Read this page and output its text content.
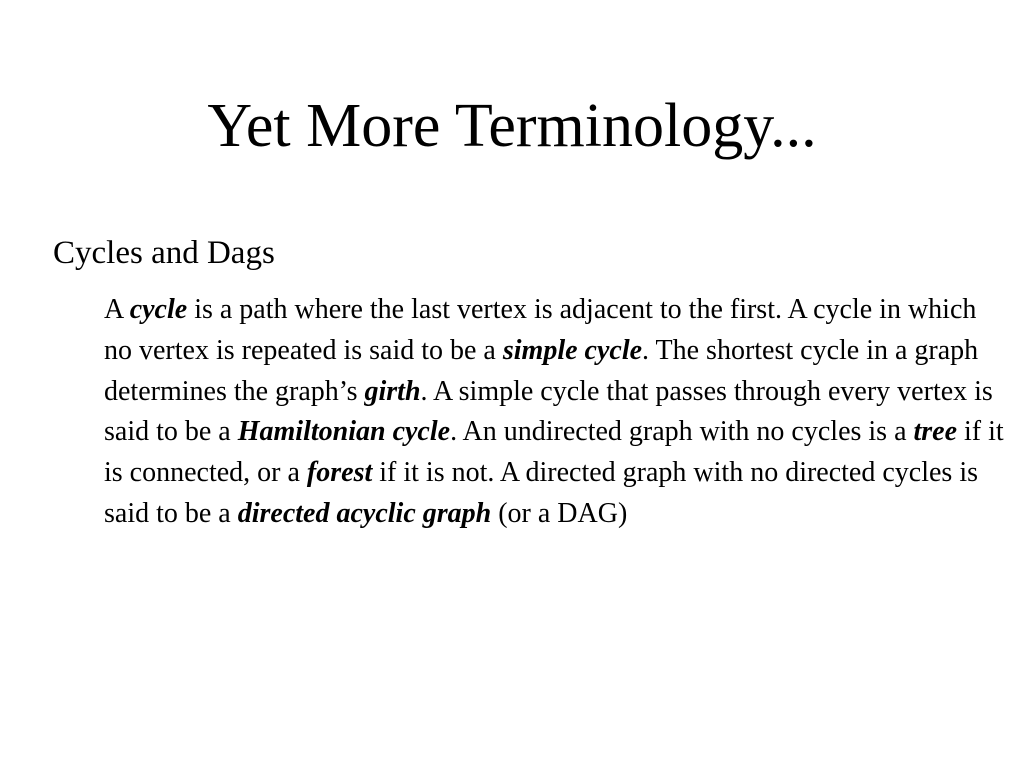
Yet More Terminology...
Cycles and Dags

A cycle is a path where the last vertex is adjacent to the first. A cycle in which no vertex is repeated is said to be a simple cycle. The shortest cycle in a graph determines the graph’s girth. A simple cycle that passes through every vertex is said to be a Hamiltonian cycle. An undirected graph with no cycles is a tree if it is connected, or a forest if it is not. A directed graph with no directed cycles is said to be a directed acyclic graph (or a DAG)
